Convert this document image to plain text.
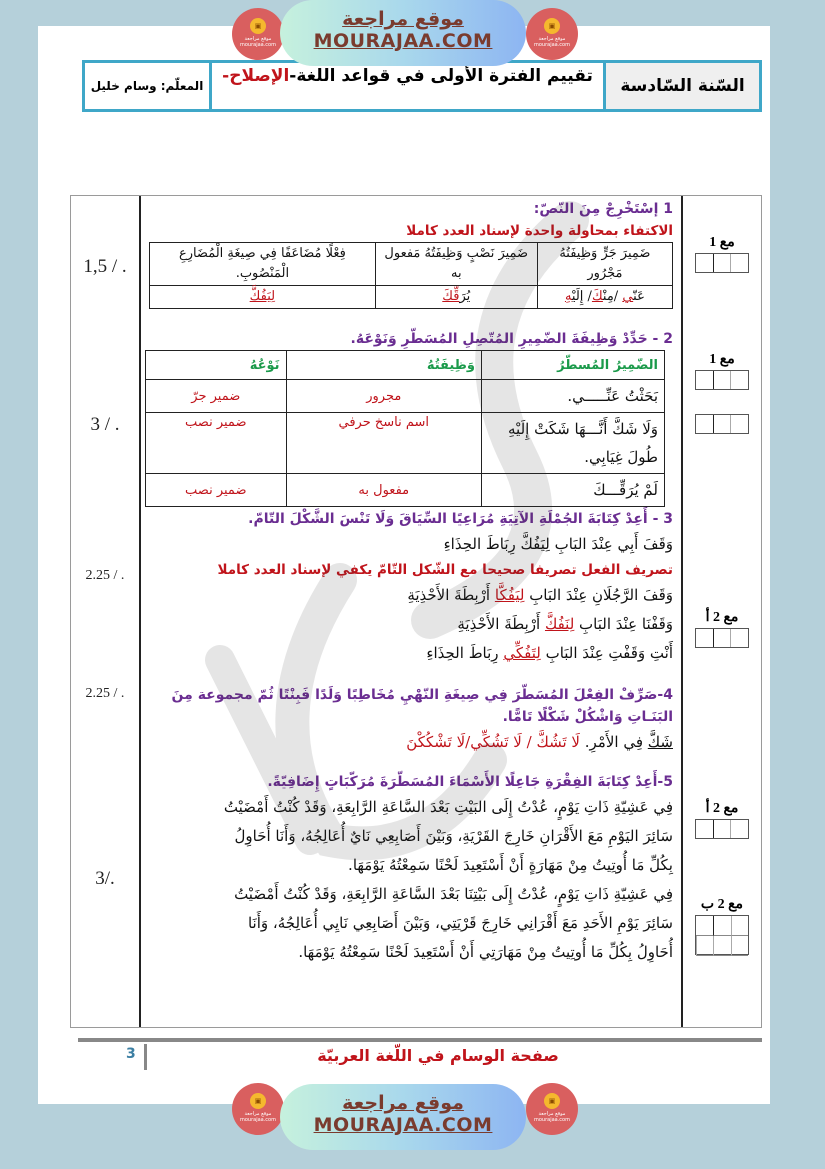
▣
موقع مراجعة mourajaa.com
موقع مراجعة
MOURAJAA.COM
▣
موقع مراجعة mourajaa.com
السّنة السّادسة
تقييم الفترة الأولى في قواعد اللغة-
الإصلاح-
المعلّم: وسام خليل
1,5 / .
3 / .
2.25 / .
2.25 / .
3/.
1 إسْتَخْرِجْ مِنَ النّصّ:
الاكتفاء بمحاولة واحدة لإسناد العدد كاملا
ضَمِيرَ جَرٍّ وَظِيفَتُهُ مَجْرُور	ضَمِيرَ نَصْبٍ وَظِيفَتُهُ مَفعول به	فِعْلًا مُضَاعَفًا فِي صِيغَةِ الْمُضَارِعِ الْمَنْصُوبِ.
عَنّي /مِنْكَ/ إِلَيْهِ	يُرَقِّكَ	لِيَفُكَّ
2 - حَدِّدْ وَظِيفَةَ الضّمِيرِ المُتّصِلِ المُسَطّرِ وَنَوْعَهُ.
الضّمِيرُ المُسطّرُ	وَظِيفَتُهُ	نَوْعُهُ
بَحَثْتُ عَنِّـــــي.	مجرور	ضمير جرّ
وَلَا شَكَّ أَنَّـــهَا شَكَتْ إِلَيْهِ طُولَ غِيَابِي.	اسم ناسخ حرفي	ضمير نصب
لَمْ يُرَقِّـــكَ	مفعول به	ضمير نصب
3 - أَعِدْ كِتَابَةَ الجُمْلَةِ الآتِيَةِ مُرَاعِيًا السِّيَاقَ وَلَا تَنْسَ الشَّكْلَ التّامّ.
وَقَفَ أَبِي عِنْدَ البَابِ لِيَفُكَّ رِبَاطَ الحِذَاءِ
تصريف الفعل تصريفا صحيحا مع الشّكل التّامّ يكفي لإسناد العدد كاملا
وَقَفَ الرَّجُلَانِ عِنْدَ البَابِ لِيَفُكَّا أَرْبِطَةَ الأَحْذِيَةِ
وَقَفْنَا عِنْدَ البَابِ لِنَفُكَّ أَرْبِطَةَ الأَحْذِيَةِ
أَنْتِ وَقَفْتِ عِنْدَ البَابِ لِتَفُكِّي رِبَاطَ الحِذَاءِ
4-صَرِّفْ الفِعْلَ المُسَطّرَ فِي صِيغَةِ النّهْيِ مُخَاطِبًا وَلَدًا فَبِنْتًا ثُمّ مجموعة مِنَ البَنَـاتِ وَاشْكُلْ شَكْلًا تَامًّا.
شَكَّ فِي الأَمْرِ. لَا تَشُكَّ / لَا تَشُكِّي/لَا تَشْكُكْنَ
5-أَعِدْ كِتَابَةَ الفِقْرَةِ جَاعِلًا الأَسْمَاءَ المُسَطّرَةَ مُرَكّبَاتٍ إِضَافِيّةً.
فِي عَشِيّةِ ذَاتِ يَوْمٍ، عُدْتُ إِلَى البَيْتِ بَعْدَ السَّاعَةِ الرَّابِعَةِ، وَقَدْ كُنْتُ أَمْضَيْتُ
سَائِرَ اليَوْمِ مَعَ الأَقْرَانِ خَارِجَ القَرْيَةِ، وَبَيْنَ أَصَابِعِي نَايٌ أُعَالِجُهُ، وَأَنَا أُحَاوِلُ
بِكُلِّ مَا أُوتِيتُ مِنْ مَهَارَةٍ أَنْ أَسْتَعِيدَ لَحْنًا سَمِعْتُهُ يَوْمَهَا.
فِي عَشِيّةِ ذَاتِ يَوْمٍ، عُدْتُ إِلَى بَيْتِنَا بَعْدَ السَّاعَةِ الرَّابِعَةِ، وَقَدْ كُنْتُ أَمْضَيْتُ
سَائِرَ يَوْمِ الأَحَدِ مَعَ أَقْرَانِي خَارِجَ قَرْيَتِي، وَبَيْنَ أَصَابِعِي نَايِي أُعَالِجُهُ، وَأَنَا
أُحَاوِلُ بِكُلِّ مَا أُوتِيتُ مِنْ مَهَارَتِي أَنْ أَسْتَعِيدَ لَحْنًا سَمِعْتُهُ يَوْمَهَا.
مع 1
مع 1
مع 2 أ
مع 2 أ
مع 2 ب
3	صفحة الوسام في اللّغة العربيّة
▣
موقع مراجعة mourajaa.com
موقع مراجعة
MOURAJAA.COM
▣
موقع مراجعة mourajaa.com
